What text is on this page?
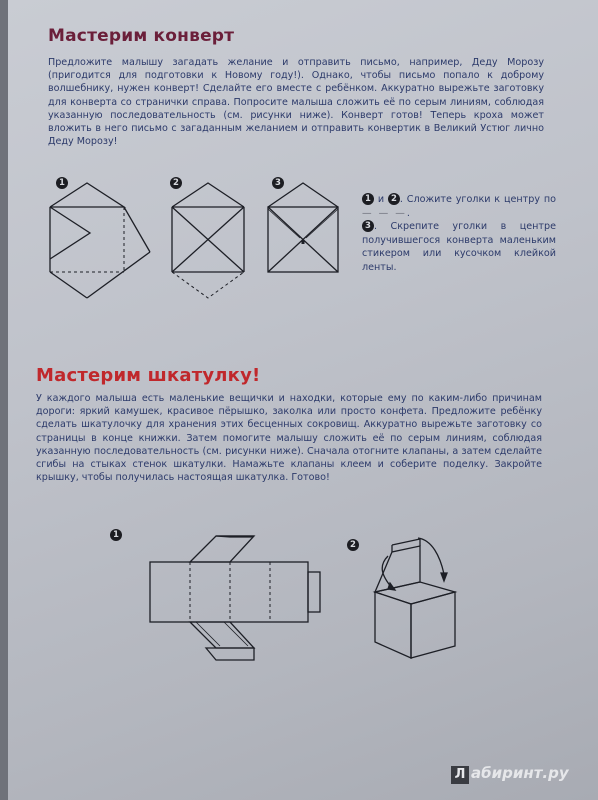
Мастерим конверт

Предложите малышу загадать желание и отправить письмо, например, Деду Морозу (пригодится для подготовки к Новому году!). Однако, чтобы письмо попало к доброму волшебнику, нужен конверт! Сделайте его вместе с ребёнком. Аккуратно вырежьте заготовку для конверта со странички справа. Попросите малыша сложить её по серым линиям, соблюдая указанную последовательность (см. рисунки ниже). Конверт готов! Теперь кроха может вложить в него письмо с загаданным желанием и отправить конвертик в Великий Устюг лично Деду Морозу!

1	2	3

1 и 2 . Сложите уголки к центру по — — —.
3 . Скрепите уголки в центре получившегося конверта маленьким стикером или кусочком клейкой ленты.

Мастерим шкатулку!

У каждого малыша есть маленькие вещички и находки, которые ему по каким-либо причинам дороги: яркий камушек, красивое пёрышко, заколка или просто конфета. Предложите ребёнку сделать шкатулочку для хранения этих бесценных сокровищ. Аккуратно вырежьте заготовку со страницы в конце книжки. Затем помогите малышу сложить её по серым линиям, соблюдая указанную последовательность (см. рисунки ниже). Сначала отогните клапаны, а затем сделайте сгибы на стыках стенок шкатулки. Намажьте клапаны клеем и соберите поделку. Закройте крышку, чтобы получилась настоящая шкатулка. Готово!

1
2
Л абиринт.ру
